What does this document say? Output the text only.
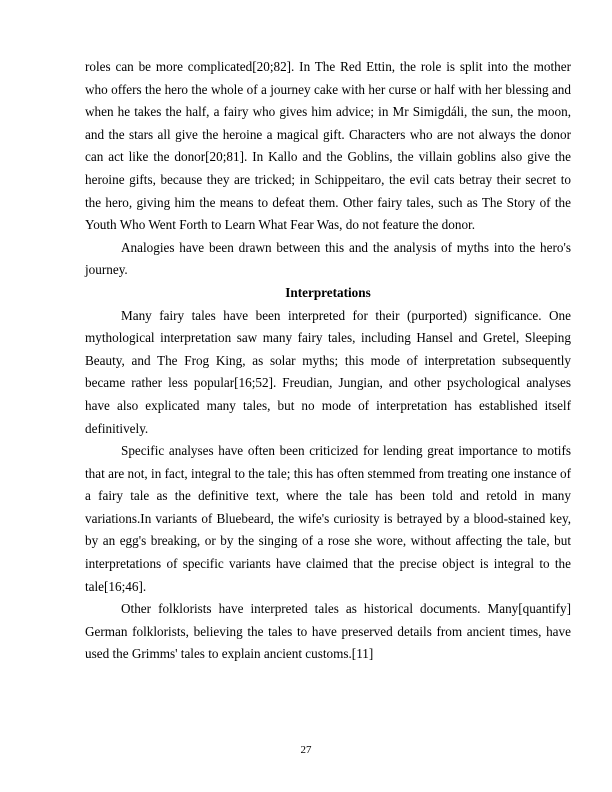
roles can be more complicated[20;82]. In The Red Ettin, the role is split into the mother who offers the hero the whole of a journey cake with her curse or half with her blessing and when he takes the half, a fairy who gives him advice; in Mr Simigdáli, the sun, the moon, and the stars all give the heroine a magical gift. Characters who are not always the donor can act like the donor[20;81]. In Kallo and the Goblins, the villain goblins also give the heroine gifts, because they are tricked; in Schippeitaro, the evil cats betray their secret to the hero, giving him the means to defeat them. Other fairy tales, such as The Story of the Youth Who Went Forth to Learn What Fear Was, do not feature the donor.

Analogies have been drawn between this and the analysis of myths into the hero's journey.

Interpretations

Many fairy tales have been interpreted for their (purported) significance. One mythological interpretation saw many fairy tales, including Hansel and Gretel, Sleeping Beauty, and The Frog King, as solar myths; this mode of interpretation subsequently became rather less popular[16;52]. Freudian, Jungian, and other psychological analyses have also explicated many tales, but no mode of interpretation has established itself definitively.

Specific analyses have often been criticized for lending great importance to motifs that are not, in fact, integral to the tale; this has often stemmed from treating one instance of a fairy tale as the definitive text, where the tale has been told and retold in many variations.In variants of Bluebeard, the wife's curiosity is betrayed by a blood-stained key, by an egg's breaking, or by the singing of a rose she wore, without affecting the tale, but interpretations of specific variants have claimed that the precise object is integral to the tale[16;46].

Other folklorists have interpreted tales as historical documents. Many[quantify] German folklorists, believing the tales to have preserved details from ancient times, have used the Grimms' tales to explain ancient customs.[11]

27
